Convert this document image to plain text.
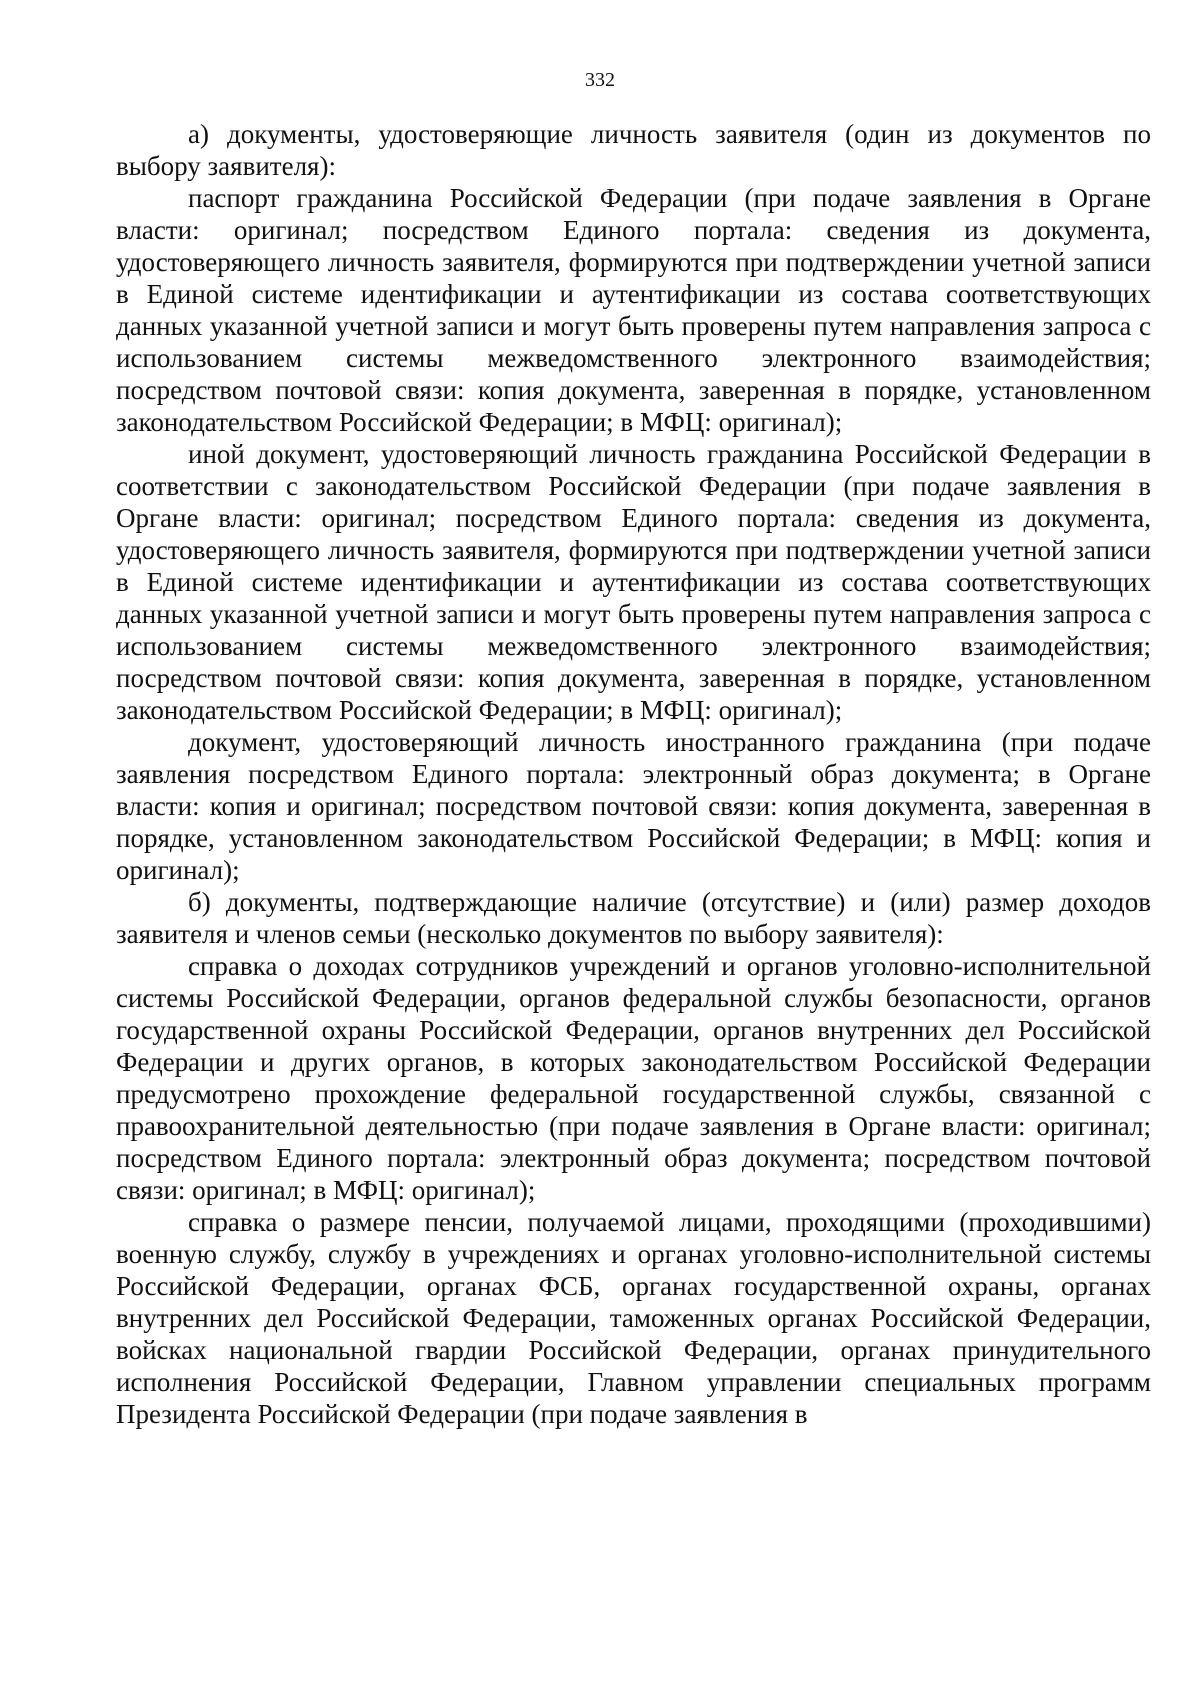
332

а) документы, удостоверяющие личность заявителя (один из документов по выбору заявителя):

паспорт гражданина Российской Федерации (при подаче заявления в Органе власти: оригинал; посредством Единого портала: сведения из документа, удостоверяющего личность заявителя, формируются при подтверждении учетной записи в Единой системе идентификации и аутентификации из состава соответствующих данных указанной учетной записи и могут быть проверены путем направления запроса с использованием системы межведомственного электронного взаимодействия; посредством почтовой связи: копия документа, заверенная в порядке, установленном законодательством Российской Федерации; в МФЦ: оригинал);

иной документ, удостоверяющий личность гражданина Российской Федерации в соответствии с законодательством Российской Федерации (при подаче заявления в Органе власти: оригинал; посредством Единого портала: сведения из документа, удостоверяющего личность заявителя, формируются при подтверждении учетной записи в Единой системе идентификации и аутентификации из состава соответствующих данных указанной учетной записи и могут быть проверены путем направления запроса с использованием системы межведомственного электронного взаимодействия; посредством почтовой связи: копия документа, заверенная в порядке, установленном законодательством Российской Федерации; в МФЦ: оригинал);

документ, удостоверяющий личность иностранного гражданина (при подаче заявления посредством Единого портала: электронный образ документа; в Органе власти: копия и оригинал; посредством почтовой связи: копия документа, заверенная в порядке, установленном законодательством Российской Федерации; в МФЦ: копия и оригинал);

б) документы, подтверждающие наличие (отсутствие) и (или) размер доходов заявителя и членов семьи (несколько документов по выбору заявителя):

справка о доходах сотрудников учреждений и органов уголовно-исполнительной системы Российской Федерации, органов федеральной службы безопасности, органов государственной охраны Российской Федерации, органов внутренних дел Российской Федерации и других органов, в которых законодательством Российской Федерации предусмотрено прохождение федеральной государственной службы, связанной с правоохранительной деятельностью (при подаче заявления в Органе власти: оригинал; посредством Единого портала: электронный образ документа; посредством почтовой связи: оригинал; в МФЦ: оригинал);

справка о размере пенсии, получаемой лицами, проходящими (проходившими) военную службу, службу в учреждениях и органах уголовно-исполнительной системы Российской Федерации, органах ФСБ, органах государственной охраны, органах внутренних дел Российской Федерации, таможенных органах Российской Федерации, войсках национальной гвардии Российской Федерации, органах принудительного исполнения Российской Федерации, Главном управлении специальных программ Президента Российской Федерации (при подаче заявления в
